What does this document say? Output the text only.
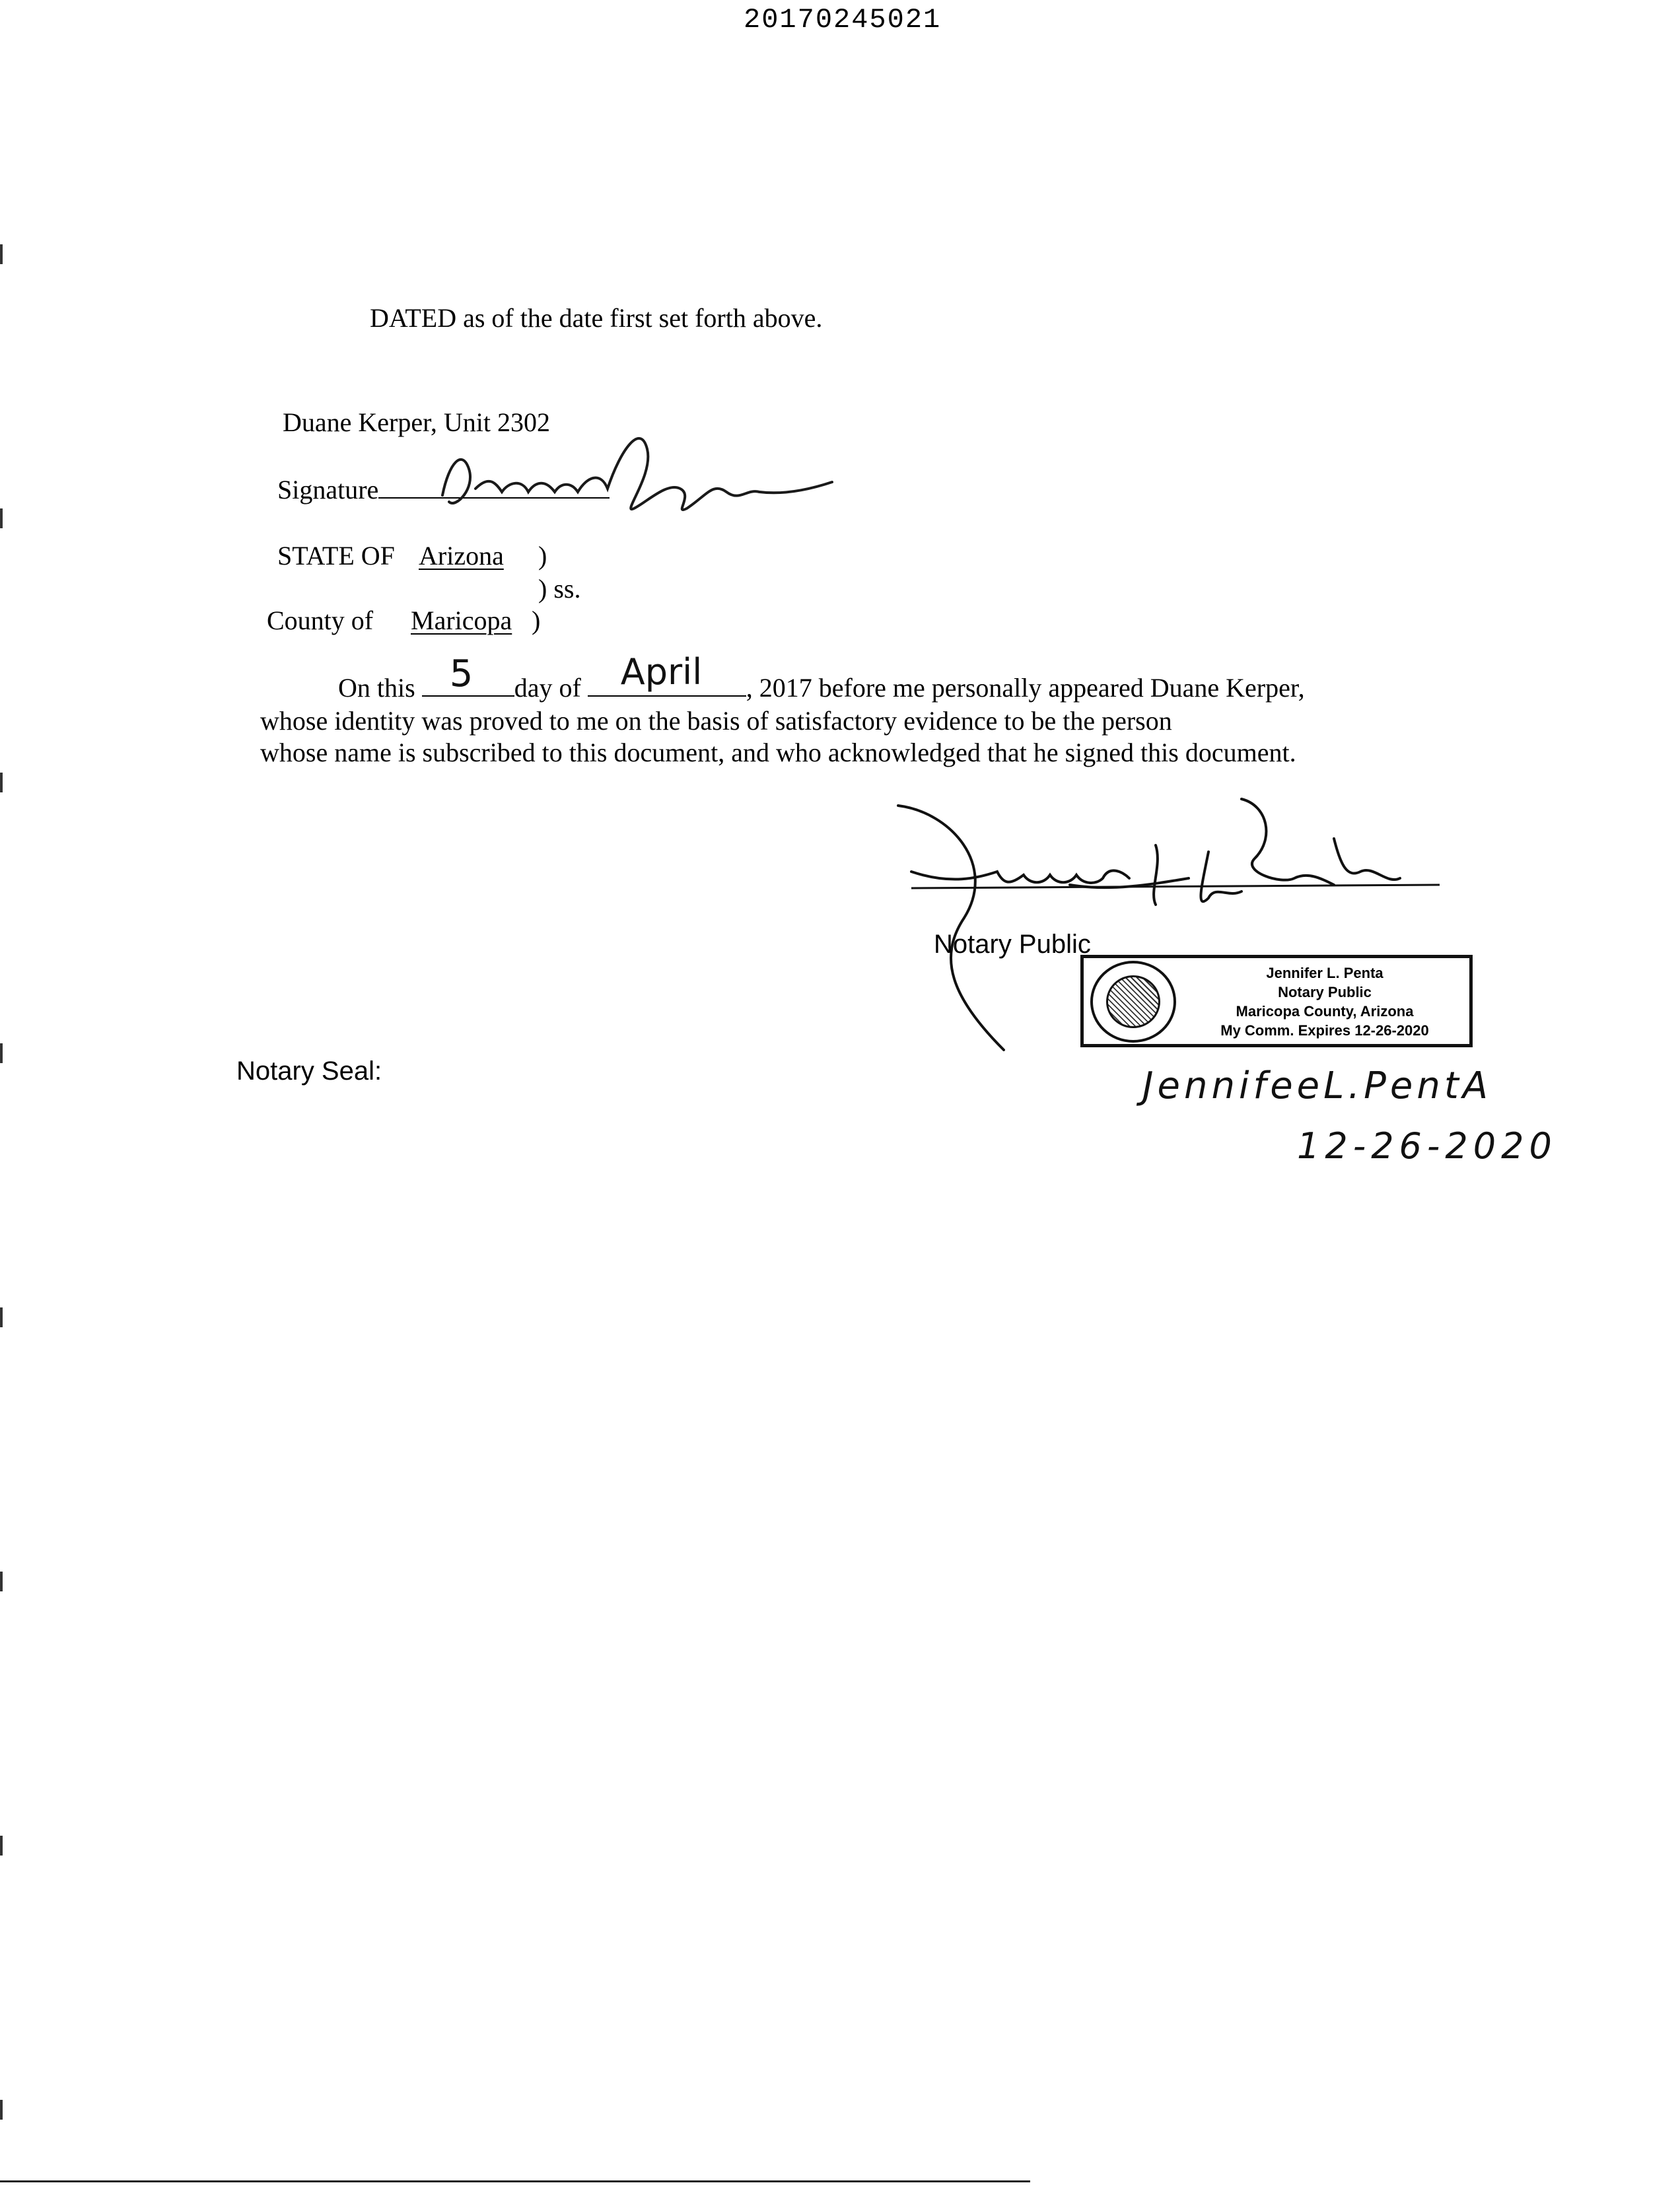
20170245021
DATED as of the date first set forth above.
Duane Kerper, Unit 2302
Signature
STATE OF Arizona )
) ss.
County of Maricopa )
On this 5 day of April , 2017 before me personally appeared Duane Kerper,
whose identity was proved to me on the basis of satisfactory evidence to be the person
whose name is subscribed to this document, and who acknowledged that he signed this document.
Notary Public
Jennifer L. Penta
Notary Public
Maricopa County, Arizona
My Comm. Expires 12-26-2020
Notary Seal:	JennifeeL.PentA
12-26-2020
